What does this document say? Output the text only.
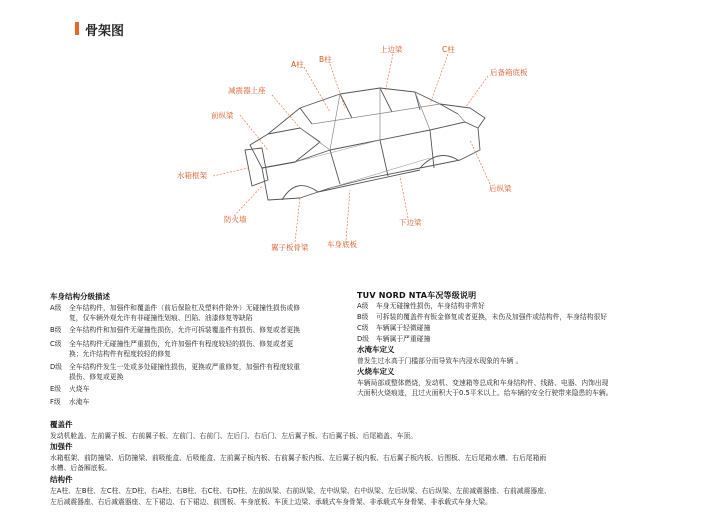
骨架图
A柱
B柱
上边梁	C柱
后备箱底板
减震器上座
前纵梁
水箱框架
防火墙
后纵梁
下边梁
车身底板
翼子板骨梁
车身结构分级描述
A级 全车结构件，加强件和覆盖件（前后保险杠及塑料件除外）无碰撞性损伤或修
复，仅车辆外观允许有非碰撞性划痕、凹陷、油漆修复等缺陷
B级 全车结构件和加强件无碰撞性损伤，允许可拆装覆盖件有损伤、修复或者更换
C级 全车结构件无碰撞性严重损伤，允许加强件有程度较轻的损伤、修复或者更
换；允许结构件有程度较轻的修复
D级 全车结构件发生一处或多处碰撞性损伤，更换或严重修复，加强件有程度较重
损伤、修复或更换
E级 火烧车
F级 水淹车
TUV NORD NTA车况等级说明
A级 车身无碰撞性损伤，车身结构非常好
B级 可拆装的覆盖件有钣金修复或者更换，未伤及加强件或结构件，车身结构很好
C级 车辆属于轻微碰撞
D级 车辆属于严重碰撞
水淹车定义
曾发生过水高于门槛部分而导致车内浸水现象的车辆 。
火烧车定义
车辆局部或整体燃烧，发动机、变速箱等总成和车身结构件、线路、电器、内饰出现
大面积火烧痕迹，且过火面积大于0.5平米以上。给车辆的安全行驶带来隐患的车辆。
覆盖件
发动机舱盖、左前翼子板、右前翼子板、左前门、右前门、左后门、右后门、左后翼子板、右后翼子板、后尾箱盖、车顶。
加强件
水箱框架、前防撞梁、后防撞梁、前吸能盒、后吸能盒、左前翼子板内板、右前翼子板内板、左后翼子板内板、右后翼子板内板、后围板、左后尾箱水槽、右后尾箱雨
水槽、后备厢底板。
结构件
左A柱、左B柱、左C柱、左D柱、右A柱、右B柱、右C柱、右D柱、左前纵梁、右前纵梁、左中纵梁、右中纵梁、左后纵梁、右后纵梁、左前减震器座、右前减震器座、
左后减震器座、右后减震器座、左下裙边、右下裙边、前围板、车身底板、车顶上边梁、承载式车身骨架、非承载式车身骨架、非承载式车身大梁。
